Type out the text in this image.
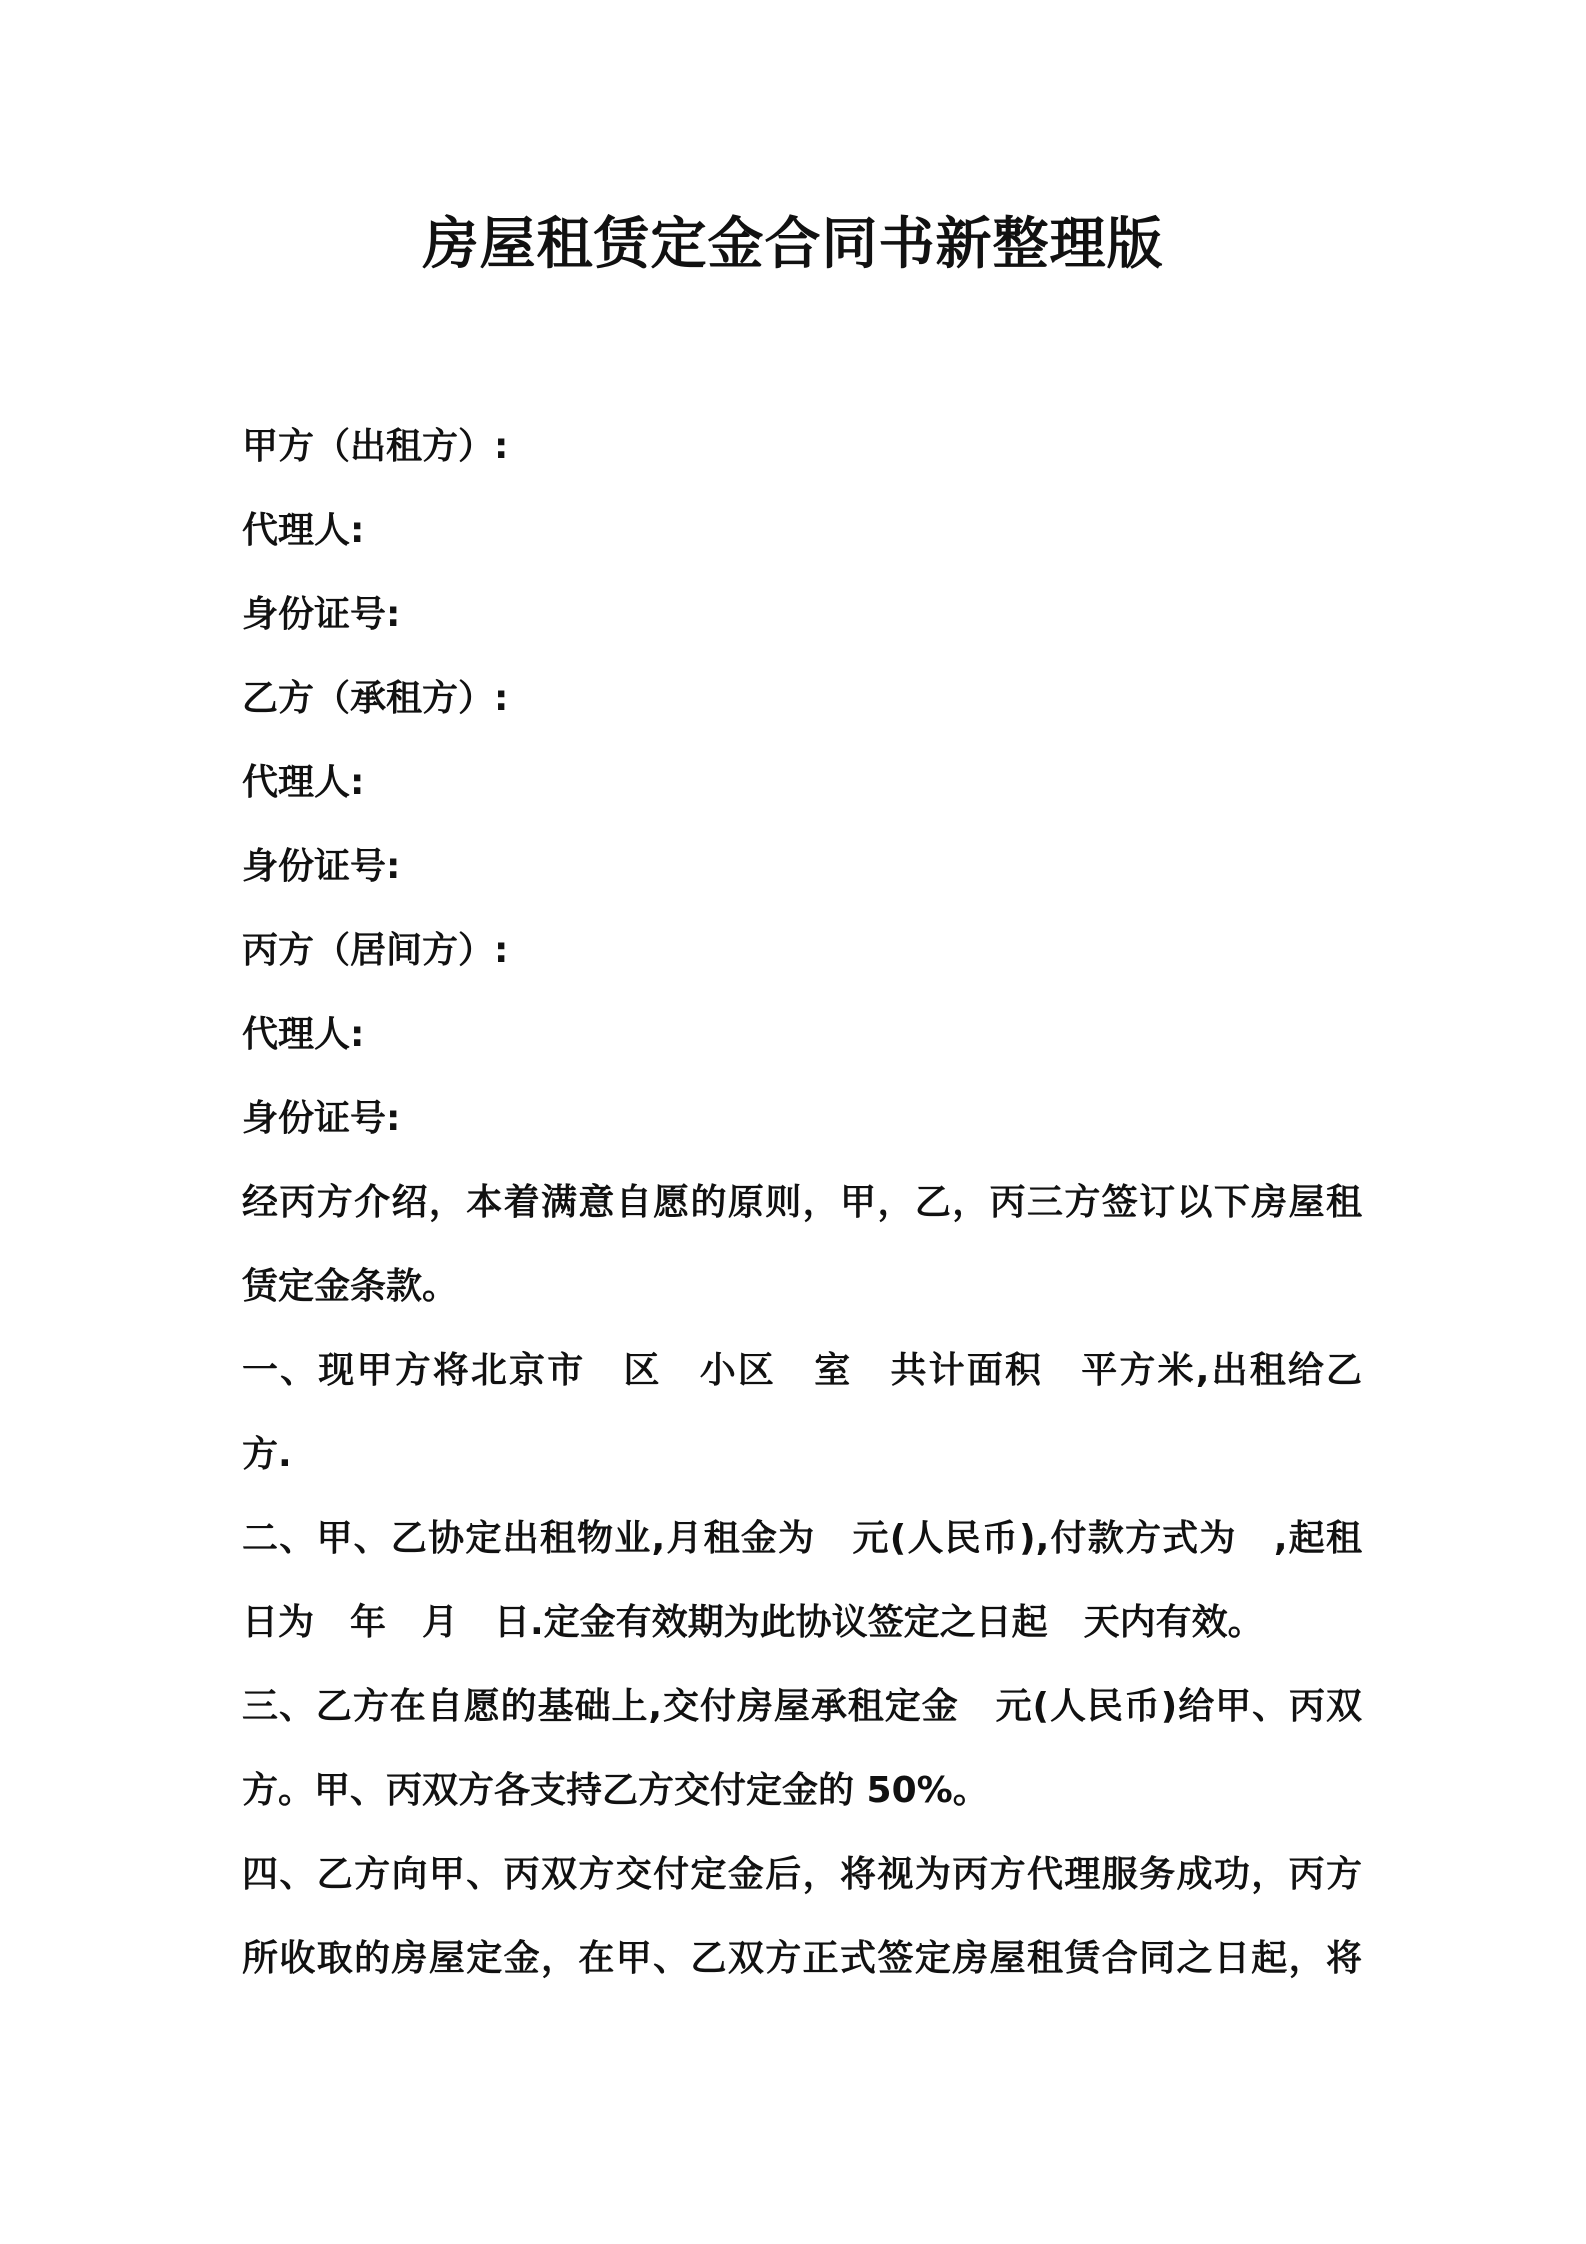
房屋租赁定金合同书新整理版
甲方（出租方）:
代理人:
身份证号:
乙方（承租方）:
代理人:
身份证号:
丙方（居间方）:
代理人:
身份证号:
经丙方介绍，本着满意自愿的原则，甲，乙，丙三方签订以下房屋租
赁定金条款。
一、现甲方将北京市　区　小区　室　共计面积　平方米,出租给乙
方.
二、甲、乙协定出租物业,月租金为　元(人民币),付款方式为　,起租
日为　年　月　日.定金有效期为此协议签定之日起　天内有效。
三、乙方在自愿的基础上,交付房屋承租定金　元(人民币)给甲、丙双
方。甲、丙双方各支持乙方交付定金的 50%。
四、乙方向甲、丙双方交付定金后，将视为丙方代理服务成功，丙方
所收取的房屋定金，在甲、乙双方正式签定房屋租赁合同之日起，将
